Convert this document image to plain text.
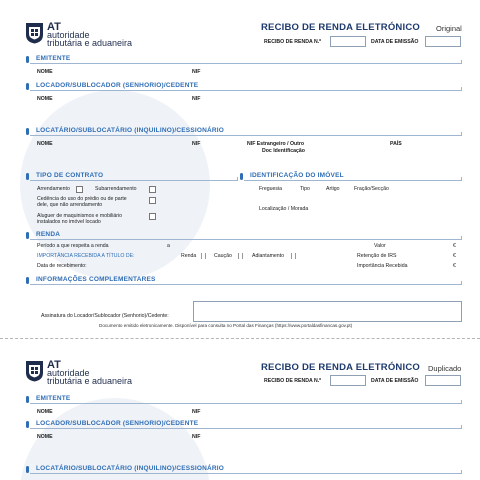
AT
autoridade
tributária e aduaneira
RECIBO DE RENDA ELETRÓNICO Original
RECIBO DE RENDA N.º	DATA DE EMISSÃO
EMITENTE
NOME	NIF
LOCADOR/SUBLOCADOR (SENHORIO)/CEDENTE
NOME	NIF
LOCATÁRIO/SUBLOCATÁRIO (INQUILINO)/CESSIONÁRIO
NOME	NIF	NIF Estrangeiro / Outro
Doc Identificação
PAÍS
TIPO DE CONTRATO
Arrendamento	Subarrendamento
Cedência do uso do prédio ou de parte
dele, que não arrendamento
Aluguer de maquinismos e mobiliário
instalados no imóvel locado
IDENTIFICAÇÃO DO IMÓVEL
Freguesia	Tipo	Artigo	Fração/Secção
Localização / Morada
RENDA
Período a que respeita a renda	a	Valor	€
IMPORTÂNCIA RECEBIDA A TÍTULO DE:	Renda	Caução	Adiantamento	Retenção de IRS	€
Data de recebimento:	Importância Recebida	€
INFORMAÇÕES COMPLEMENTARES
Assinatura do Locador/Sublocador (Senhorio)/Cedente:
Documento emitido eletronicamente. Disponível para consulta no Portal das Finanças (https://www.portaldasfinancas.gov.pt)
AT
autoridade
tributária e aduaneira
RECIBO DE RENDA ELETRÓNICO Duplicado
RECIBO DE RENDA N.º	DATA DE EMISSÃO
EMITENTE
NOME	NIF
LOCADOR/SUBLOCADOR (SENHORIO)/CEDENTE
NOME	NIF
LOCATÁRIO/SUBLOCATÁRIO (INQUILINO)/CESSIONÁRIO
